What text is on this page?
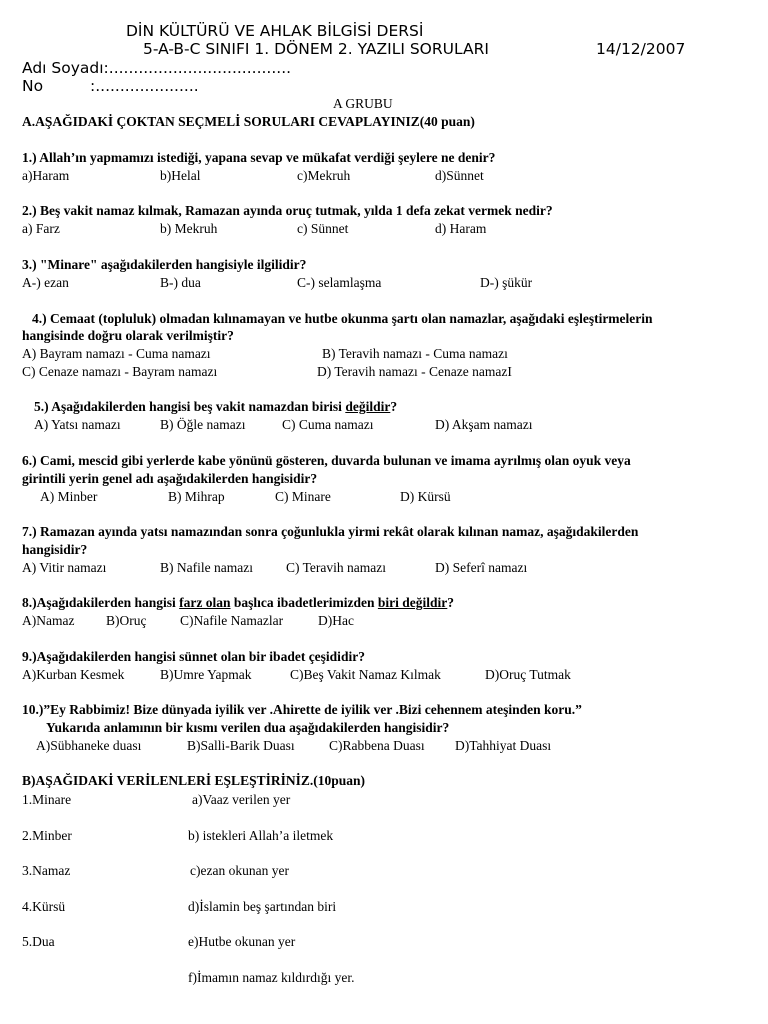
DİN KÜLTÜRÜ VE AHLAK BİLGİSİ DERSİ
5-A-B-C SINIFI 1. DÖNEM 2. YAZILI SORULARI	14/12/2007
Adı Soyadı:.....................................
No	:.....................
A GRUBU
A.AŞAĞIDAKİ ÇOKTAN SEÇMELİ SORULARI CEVAPLAYINIZ(40 puan)
1.) Allah’ın yapmamızı istediği, yapana sevap ve mükafat verdiği şeylere ne denir?
a)Haram	b)Helal	c)Mekruh	d)Sünnet
2.) Beş vakit namaz kılmak, Ramazan ayında oruç tutmak, yılda 1 defa zekat vermek nedir?
a) Farz	b) Mekruh	c) Sünnet	d) Haram
3.) "Minare" aşağıdakilerden hangisiyle ilgilidir?
A-) ezan	B-) dua	C-) selamlaşma	D-) şükür
4.) Cemaat (topluluk) olmadan kılınamayan ve hutbe okunma şartı olan namazlar, aşağıdaki eşleştirmelerin
hangisinde doğru olarak verilmiştir?
A) Bayram namazı - Cuma namazı	B) Teravih namazı - Cuma namazı
C) Cenaze namazı - Bayram namazı	D) Teravih namazı - Cenaze namazI
5.) Aşağıdakilerden hangisi beş vakit namazdan birisi değildir?
A) Yatsı namazı	B) Öğle namazı	C) Cuma namazı	D) Akşam namazı
6.) Cami, mescid gibi yerlerde kabe yönünü gösteren, duvarda bulunan ve imama ayrılmış olan oyuk veya
girintili yerin genel adı aşağıdakilerden hangisidir?
A) Minber	B) Mihrap	C) Minare	D) Kürsü
7.) Ramazan ayında yatsı namazından sonra çoğunlukla yirmi rekât olarak kılınan namaz, aşağıdakilerden
hangisidir?
A) Vitir namazı	B) Nafile namazı C) Teravih namazı	D) Seferî namazı
8.)Aşağıdakilerden hangisi farz olan başlıca ibadetlerimizden biri değildir?
A)Namaz B)Oruç C)Nafile Namazlar	D)Hac
9.)Aşağıdakilerden hangisi sünnet olan bir ibadet çeşididir?
A)Kurban Kesmek	B)Umre Yapmak	C)Beş Vakit Namaz Kılmak	D)Oruç Tutmak
10.)”Ey Rabbimiz! Bize dünyada iyilik ver .Ahirette de iyilik ver .Bizi cehennem ateşinden koru.”
Yukarıda anlamının bir kısmı verilen dua aşağıdakilerden hangisidir?
A)Sübhaneke duası	B)Salli-Barik Duası	C)Rabbena Duası D)Tahhiyat Duası
B)AŞAĞIDAKİ VERİLENLERİ EŞLEŞTİRİNİZ.(10puan)
1.Minare	a)Vaaz verilen yer
2.Minber	b) istekleri Allah’a iletmek
3.Namaz	c)ezan okunan yer
4.Kürsü	d)İslamin beş şartından biri
5.Dua	e)Hutbe okunan yer
f)İmamın namaz kıldırdığı yer.
